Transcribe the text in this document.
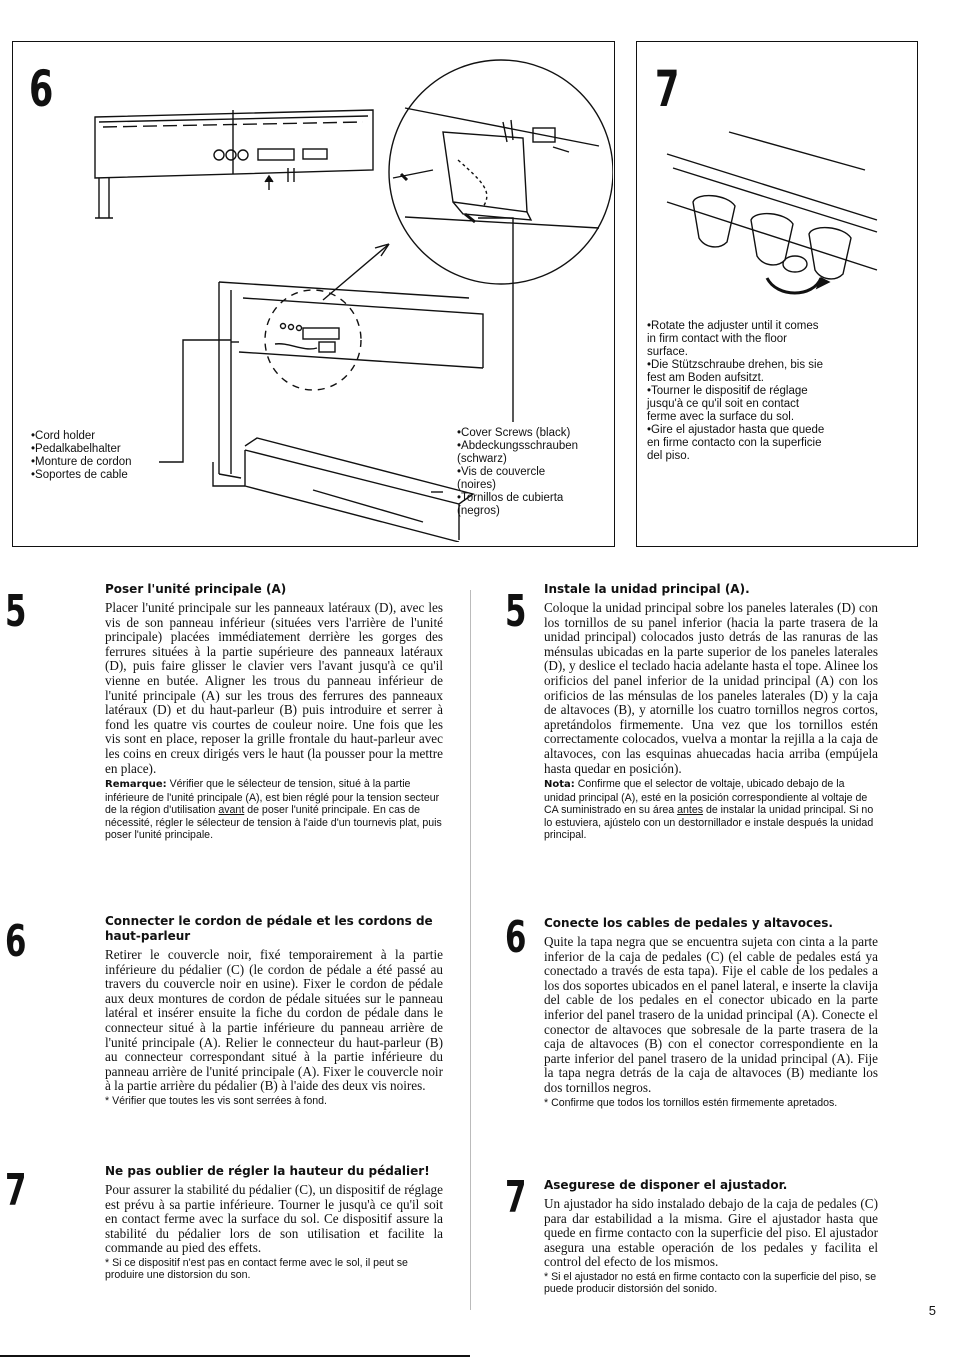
6
•Cord holder
•Pedalkabelhalter
•Monture de cordon
•Soportes de cable
•Cover Screws (black)
•Abdeckungsschrauben
(schwarz)
•Vis de couvercle
(noires)
•Tornillos de cubierta
(negros)
7
•Rotate the adjuster until it comes
in firm contact with the floor
surface.
•Die Stützschraube drehen, bis sie
fest am Boden aufsitzt.
•Tourner le dispositif de réglage
jusqu'à ce qu'il soit en contact
ferme avec la surface du sol.
•Gire el ajustador hasta que quede
en firme contacto con la superficie
del piso.
5	Poser l'unité principale (A)

Placer l'unité principale sur les panneaux latéraux (D), avec les vis de son panneau inférieur (situées vers l'arrière de l'unité principale) placées immédiatement derrière les gorges des ferrures situées à la partie supérieure des panneaux latéraux (D), puis faire glisser le clavier vers l'avant jusqu'à ce qu'il vienne en butée. Aligner les trous du panneau inférieur de l'unité principale (A) sur les trous des ferrures des panneaux latéraux (D) et du haut-parleur (B) puis introduire et serrer à fond les quatre vis courtes de couleur noire. Une fois que les vis sont en place, reposer la grille frontale du haut-parleur avec les coins en creux dirigés vers le haut (la pousser pour la mettre en place).

Remarque: Vérifier que le sélecteur de tension, situé à la partie inférieure de l'unité principale (A), est bien réglé pour la tension secteur de la région d'utilisation avant de poser l'unité principale. En cas de nécessité, régler le sélecteur de tension à l'aide d'un tournevis plat, puis poser l'unité principale.
6	Connecter le cordon de pédale et les cordons de haut-parleur

Retirer le couvercle noir, fixé temporairement à la partie inférieure du pédalier (C) (le cordon de pédale a été passé au travers du couvercle noir en usine). Fixer le cordon de pédale aux deux montures de cordon de pédale situées sur le panneau latéral et insérer ensuite la fiche du cordon de pédale dans le connecteur situé à la partie inférieure du panneau arrière de l'unité principale (A). Relier le connecteur du haut-parleur (B) au connecteur correspondant situé à la partie inférieure du panneau arrière de l'unité principale (A). Fixer le couvercle noir à la partie arrière du pédalier (B) à l'aide des deux vis noires.

* Vérifier que toutes les vis sont serrées à fond.
7	Ne pas oublier de régler la hauteur du pédalier!

Pour assurer la stabilité du pédalier (C), un dispositif de réglage est prévu à sa partie inférieure. Tourner le jusqu'à ce qu'il soit en contact ferme avec la surface du sol. Ce dispositif assure la stabilité du pédalier lors de son utilisation et facilite la commande au pied des effets.

* Si ce dispositif n'est pas en contact ferme avec le sol, il peut se produire une distorsion du son.
5 Instale la unidad principal (A).

Coloque la unidad principal sobre los paneles laterales (D) con los tornillos de su panel inferior (hacia la parte trasera de la unidad principal) colocados justo detrás de las ranuras de las ménsulas ubicadas en la parte superior de los paneles laterales (D), y deslice el teclado hacia adelante hasta el tope. Alinee los orificios del panel inferior de la unidad principal (A) con los orificios de las ménsulas de los paneles laterales (D) y la caja de altavoces (B), y atornille los cuatro tornillos negros cortos, apretándolos firmemente. Una vez que los tornillos estén correctamente colocados, vuelva a montar la rejilla a la caja de altavoces, con las esquinas ahuecadas hacia arriba (empújela hasta quedar en posición).

Nota: Confirme que el selector de voltaje, ubicado debajo de la unidad principal (A), esté en la posición correspondiente al voltaje de CA suministrado en su área antes de instalar la unidad principal. Si no lo estuviera, ajústelo con un destornillador e instale después la unidad principal.
6 Conecte los cables de pedales y altavoces.

Quite la tapa negra que se encuentra sujeta con cinta a la parte inferior de la caja de pedales (C) (el cable de pedales está ya conectado a través de esta tapa). Fije el cable de los pedales a los dos soportes ubicados en el panel lateral, e inserte la clavija del cable de los pedales en el conector ubicado en la parte inferior del panel trasero de la unidad principal (A). Conecte el conector de altavoces que sobresale de la parte trasera de la caja de altavoces (B) con el conector correspondiente en la parte inferior del panel trasero de la unidad principal (A). Fije la tapa negra detrás de la caja de altavoces (B) mediante los dos tornillos negros.

* Confirme que todos los tornillos estén firmemente apretados.
7 Asegurese de disponer el ajustador.

Un ajustador ha sido instalado debajo de la caja de pedales (C) para dar estabilidad a la misma. Gire el ajustador hasta que quede en firme contacto con la superficie del piso. El ajustador asegura una estable operación de los pedales y facilita el control del efecto de los mismos.

* Si el ajustador no está en firme contacto con la superficie del piso, se puede producir distorsión del sonido.
5
